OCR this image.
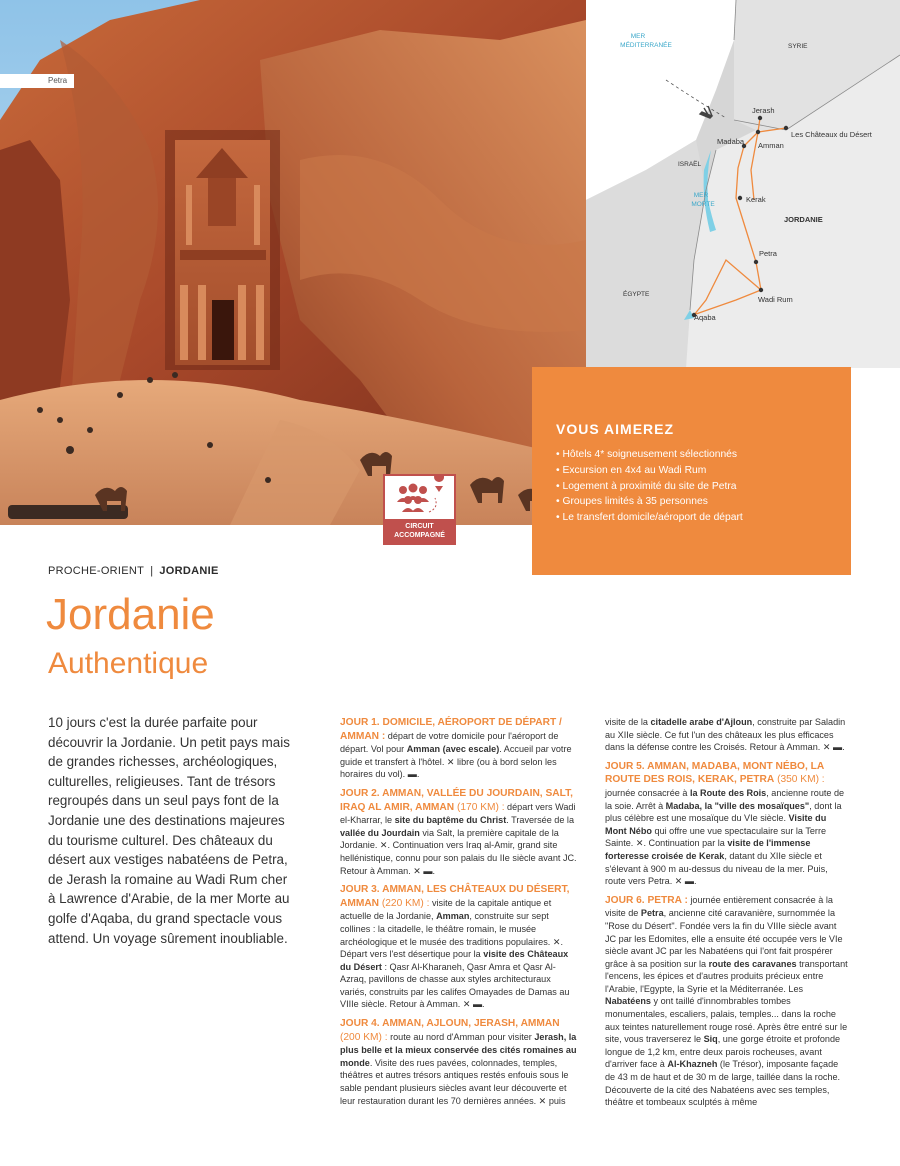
Petra
MER
MÉDITERRANÉE	SYRIE
ISRAËL
MER
MORTE
JORDANIE
ÉGYPTE
Jerash
Madaba Amman
Les Châteaux du Désert
Kerak
Petra
Wadi Rum
Aqaba
VOUS AIMEREZ
• Hôtels 4* soigneusement sélectionnés
• Excursion en 4x4 au Wadi Rum
• Logement à proximité du site de Petra
• Groupes limités à 35 personnes
• Le transfert domicile/aéroport de départ
CIRCUIT
ACCOMPAGNÉ
PROCHE-ORIENT | JORDANIE
Jordanie
Authentique

10 jours c'est la durée parfaite pour découvrir la Jordanie. Un petit pays mais de grandes richesses, archéologiques, culturelles, religieuses. Tant de trésors regroupés dans un seul pays font de la Jordanie une des destinations majeures du tourisme culturel. Des châteaux du désert aux vestiges nabatéens de Petra, de Jerash la romaine au Wadi Rum cher à Lawrence d'Arabie, de la mer Morte au golfe d'Aqaba, du grand spectacle vous attend. Un voyage sûrement inoubliable.

JOUR 1. DOMICILE, AÉROPORT DE DÉPART / AMMAN : départ de votre domicile pour l'aéroport de départ. Vol pour Amman (avec escale). Accueil par votre guide et transfert à l'hôtel. ✕ libre (ou à bord selon les horaires du vol). ▬.

JOUR 2. AMMAN, VALLÉE DU JOURDAIN, SALT, IRAQ AL AMIR, AMMAN (170 KM) : départ vers Wadi el-Kharrar, le site du baptême du Christ. Traversée de la vallée du Jourdain via Salt, la première capitale de la Jordanie. ✕. Continuation vers Iraq al-Amir, grand site hellénistique, connu pour son palais du IIe siècle avant JC. Retour à Amman. ✕ ▬.

JOUR 3. AMMAN, LES CHÂTEAUX DU DÉSERT, AMMAN (220 KM) : visite de la capitale antique et actuelle de la Jordanie, Amman, construite sur sept collines : la citadelle, le théâtre romain, le musée archéologique et le musée des traditions populaires. ✕. Départ vers l'est désertique pour la visite des Châteaux du Désert : Qasr Al-Kharaneh, Qasr Amra et Qasr Al-Azraq, pavillons de chasse aux styles architecturaux variés, construits par les califes Omayades de Damas au VIIIe siècle. Retour à Amman. ✕ ▬.

JOUR 4. AMMAN, AJLOUN, JERASH, AMMAN (200 KM) : route au nord d'Amman pour visiter Jerash, la plus belle et la mieux conservée des cités romaines au monde. Visite des rues pavées, colonnades, temples, théâtres et autres trésors antiques restés enfouis sous le sable pendant plusieurs siècles avant leur découverte et leur restauration durant les 70 dernières années. ✕ puis

visite de la citadelle arabe d'Ajloun, construite par Saladin au XIIe siècle. Ce fut l'un des châteaux les plus efficaces dans la défense contre les Croisés. Retour à Amman. ✕ ▬.

JOUR 5. AMMAN, MADABA, MONT NÉBO, LA ROUTE DES ROIS, KERAK, PETRA (350 KM) : journée consacrée à la Route des Rois, ancienne route de la soie. Arrêt à Madaba, la "ville des mosaïques", dont la plus célèbre est une mosaïque du VIe siècle. Visite du Mont Nébo qui offre une vue spectaculaire sur la Terre Sainte. ✕. Continuation par la visite de l'immense forteresse croisée de Kerak, datant du XIIe siècle et s'élevant à 900 m au-dessus du niveau de la mer. Puis, route vers Petra. ✕ ▬.

JOUR 6. PETRA : journée entièrement consacrée à la visite de Petra, ancienne cité caravanière, surnommée la "Rose du Désert". Fondée vers la fin du VIIIe siècle avant JC par les Edomites, elle a ensuite été occupée vers le VIe siècle avant JC par les Nabatéens qui l'ont fait prospérer grâce à sa position sur la route des caravanes transportant l'encens, les épices et d'autres produits précieux entre l'Arabie, l'Egypte, la Syrie et la Méditerranée. Les Nabatéens y ont taillé d'innombrables tombes monumentales, escaliers, palais, temples... dans la roche aux teintes naturellement rouge rosé. Après être entré sur le site, vous traverserez le Siq, une gorge étroite et profonde longue de 1,2 km, entre deux parois rocheuses, avant d'arriver face à Al-Khazneh (le Trésor), imposante façade de 43 m de haut et de 30 m de large, taillée dans la roche. Découverte de la cité des Nabatéens avec ses temples, théâtre et tombeaux sculptés à même
